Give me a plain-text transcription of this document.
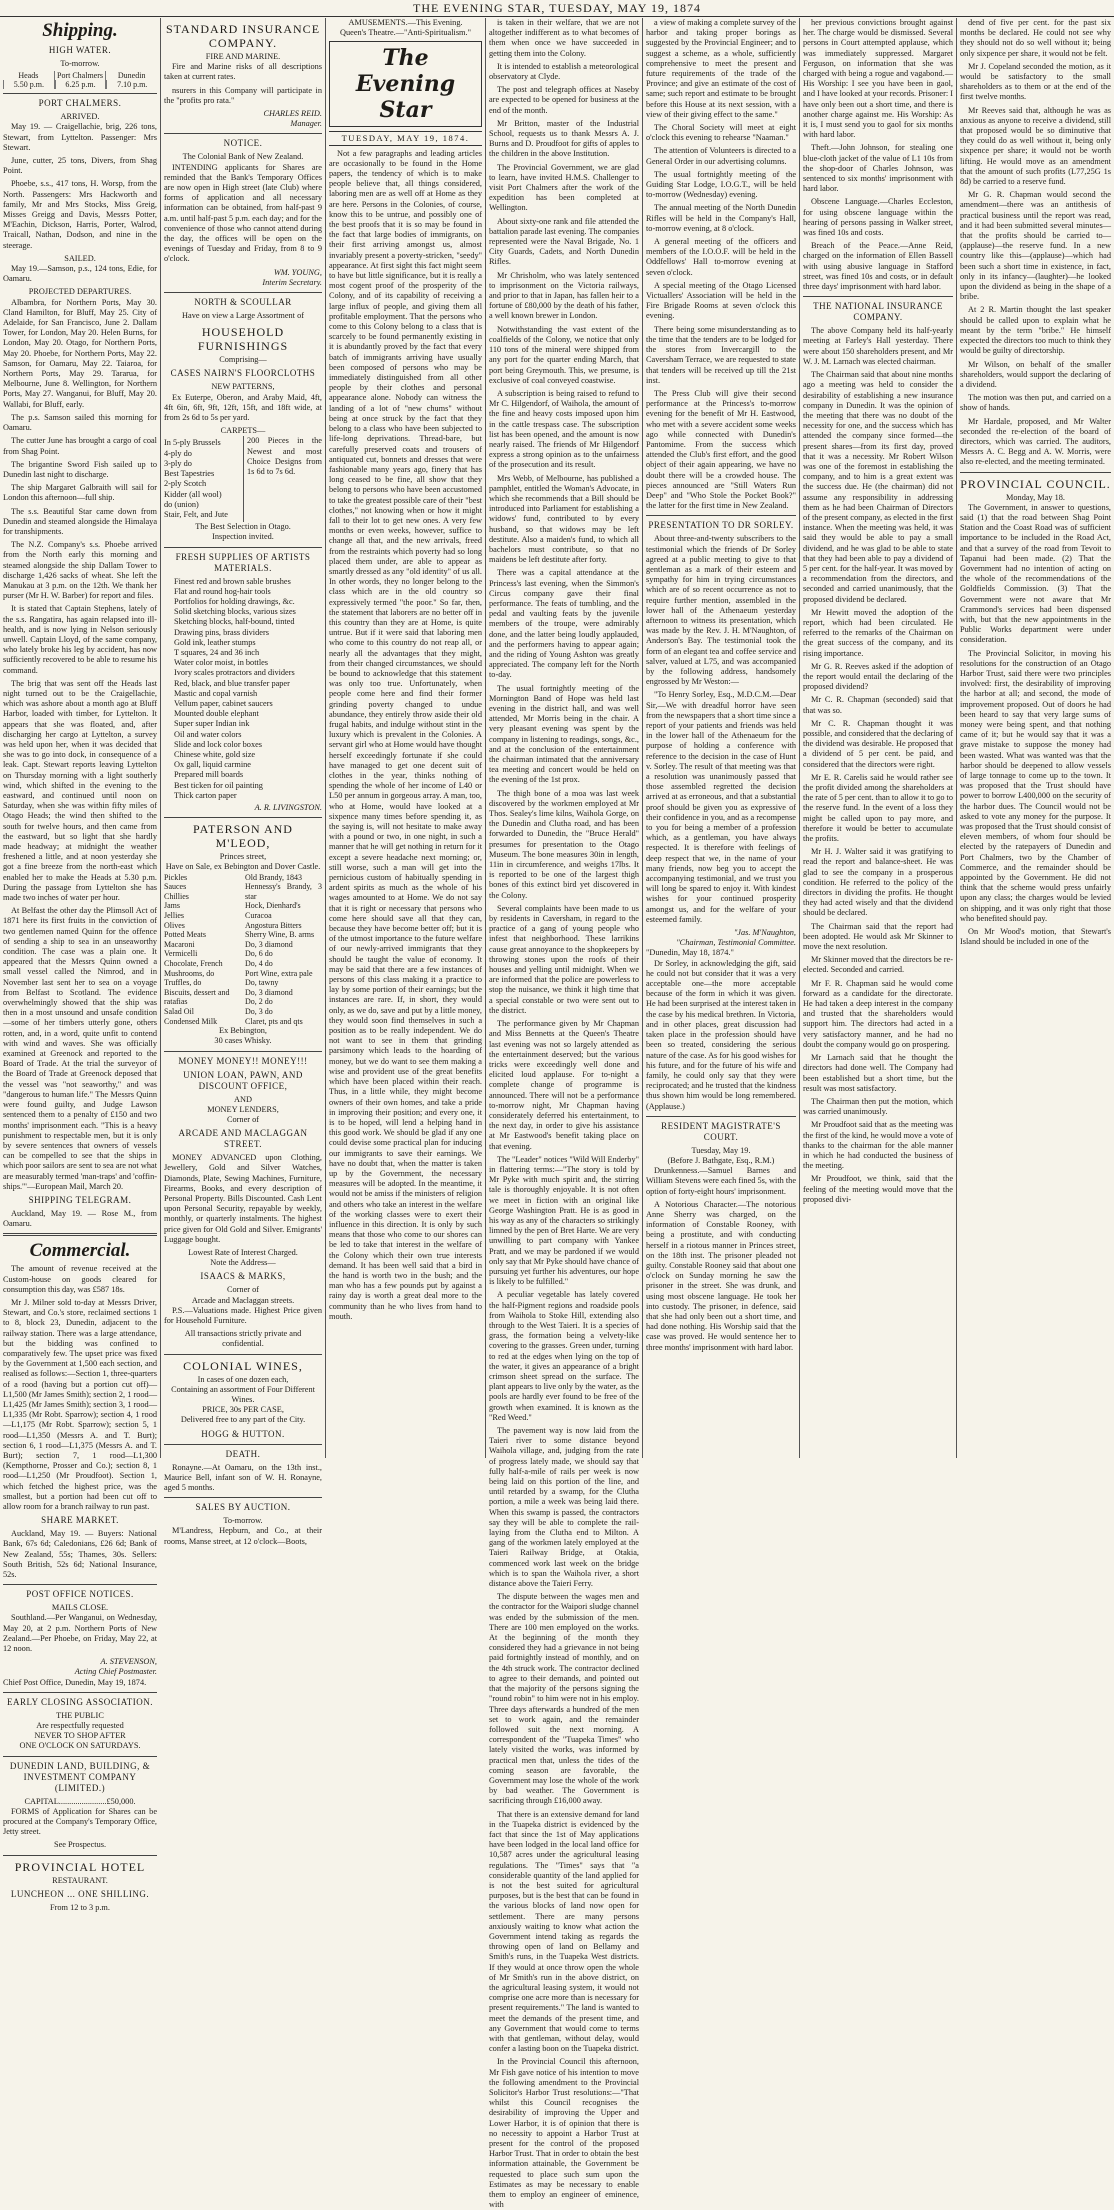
THE EVENING STAR, TUESDAY, MAY 19, 1874
Shipping.
HIGH WATER.
To-morrow.
Heads
5.50 p.m.
Port Chalmers
6.25 p.m.
Dunedin
7.10 p.m.
PORT CHALMERS.
ARRIVED.

May 19. — Craigellachie, brig, 226 tons, Stewart, from Lyttelton. Passenger: Mrs Stewart.

June, cutter, 25 tons, Divers, from Shag Point.

Phoebe, s.s., 417 tons, H. Worsp, from the North. Passengers: Mrs Hackworth and family, Mr and Mrs Stocks, Miss Greig, Misses Greigg and Davis, Messrs Potter, M'Eachin, Dickson, Harris, Porter, Walrod, Traicall, Nathan, Dodson, and nine in the steerage.

SAILED.

May 19.—Samson, p.s., 124 tons, Edie, for Oamaru.

PROJECTED DEPARTURES.

Albambra, for Northern Ports, May 30. Cland Hamilton, for Bluff, May 25. City of Adelaide, for San Francisco, June 2. Dallam Tower, for London, May 20. Helen Burns, for London, May 20. Otago, for Northern Ports, May 20. Phoebe, for Northern Ports, May 22. Samson, for Oamaru, May 22. Taiaroa, for Northern Ports, May 29. Tararua, for Melbourne, June 8. Wellington, for Northern Ports, May 27. Wanganui, for Bluff, May 20. Wallabi, for Bluff, early.

The p.s. Samson sailed this morning for Oamaru.

The cutter June has brought a cargo of coal from Shag Point.

The brigantine Sword Fish sailed up to Dunedin last night to discharge.

The ship Margaret Galbraith will sail for London this afternoon—full ship.

The s.s. Beautiful Star came down from Dunedin and steamed alongside the Himalaya for transhipments.

The N.Z. Company's s.s. Phoebe arrived from the North early this morning and steamed alongside the ship Dallam Tower to discharge 1,426 sacks of wheat. She left the Manukau at 3 p.m. on the 12th. We thank her purser (Mr H. W. Barber) for report and files.

It is stated that Captain Stephens, lately of the s.s. Rangatira, has again relapsed into ill-health, and is now lying in Nelson seriously unwell. Captain Lloyd, of the same company, who lately broke his leg by accident, has now sufficiently recovered to be able to resume his command.

The brig that was sent off the Heads last night turned out to be the Craigellachie, which was ashore about a month ago at Bluff Harbor, loaded with timber, for Lyttelton. It appears that she was floated, and, after discharging her cargo at Lyttelton, a survey was held upon her, when it was decided that she was to go into dock, in consequence of a leak. Capt. Stewart reports leaving Lyttelton on Thursday morning with a light southerly wind, which shifted in the evening to the eastward, and continued until noon on Saturday, when she was within fifty miles of Otago Heads; the wind then shifted to the south for twelve hours, and then came from the eastward, but so light that she hardly made headway; at midnight the weather freshened a little, and at noon yesterday she got a fine breeze from the north-east which enabled her to make the Heads at 5.30 p.m. During the passage from Lyttelton she has made two inches of water per hour.

At Belfast the other day the Plimsoll Act of 1871 here its first fruits in the conviction of two gentlemen named Quinn for the offence of sending a ship to sea in an unseaworthy condition. The case was a plain one. It appeared that the Messrs Quinn owned a small vessel called the Nimrod, and in November last sent her to sea on a voyage from Belfast to Scotland. The evidence overwhelmingly showed that the ship was then in a most unsound and unsafe condition—some of her timbers utterly gone, others rotten, and, in a word, quite unfit to contend with wind and waves. She was officially examined at Greenock and reported to the Board of Trade. At the trial the surveyor of the Board of Trade at Greenock deposed that the vessel was "not seaworthy," and was "dangerous to human life." The Messrs Quinn were found guilty, and Judge Lawson sentenced them to a penalty of £150 and two months' imprisonment each. "This is a heavy punishment to respectable men, but it is only by severe sentences that owners of vessels can be compelled to see that the ships in which poor sailors are sent to sea are not what are measurably termed 'man-traps' and 'coffin-ships.'"—European Mail, March 20.

SHIPPING TELEGRAM.

Auckland, May 19. — Rose M., from Oamaru.

Commercial.

The amount of revenue received at the Custom-house on goods cleared for consumption this day, was £587 18s.

Mr J. Milner sold to-day at Messrs Driver, Stewart, and Co.'s store, reclaimed sections 1 to 8, block 23, Dunedin, adjacent to the railway station. There was a large attendance, but the bidding was confined to comparatively few. The upset price was fixed by the Government at 1,500 each section, and realised as follows:—Section 1, three-quarters of a rood (having but a portion cut off)—L1,500 (Mr James Smith); section 2, 1 rood—L1,425 (Mr James Smith); section 3, 1 rood—L1,335 (Mr Robt. Sparrow); section 4, 1 rood—L1,175 (Mr Robt. Sparrow); section 5, 1 rood—L1,350 (Messrs A. and T. Burt); section 6, 1 rood—L1,375 (Messrs A. and T. Burt); section 7, 1 rood—L1,300 (Kempthorne, Prosser and Co.); section 8, 1 rood—L1,250 (Mr Proudfoot). Section 1, which fetched the highest price, was the smallest, but a portion had been cut off to allow room for a branch railway to run past.

SHARE MARKET.

Auckland, May 19. — Buyers: National Bank, 67s 6d; Caledonians, £26 6d; Bank of New Zealand, 55s; Thames, 30s. Sellers: South British, 52s 6d; National Insurance, 52s.

POST OFFICE NOTICES.
MAILS CLOSE.

Southland.—Per Wanganui, on Wednesday, May 20, at 2 p.m. Northern Ports of New Zealand.—Per Phoebe, on Friday, May 22, at 12 noon.

A. STEVENSON,
Acting Chief Postmaster.
Chief Post Office, Dunedin, May 19, 1874.
EARLY CLOSING ASSOCIATION.
THE PUBLIC
Are respectfully requested
NEVER TO SHOP AFTER
ONE O'CLOCK ON SATURDAYS.
DUNEDIN LAND, BUILDING, & INVESTMENT COMPANY (LIMITED.)
CAPITAL.......................£50,000.

FORMS of Application for Shares can be procured at the Company's Temporary Office, Jetty street.

See Prospectus.
PROVINCIAL HOTEL
RESTAURANT.
LUNCHEON ... ONE SHILLING.
From 12 to 3 p.m.
STANDARD INSURANCE COMPANY.
FIRE AND MARINE.

Fire and Marine risks of all descriptions taken at current rates.

nsurers in this Company will participate in the "profits pro rata."

CHARLES REID.
Manager.
NOTICE.
The Colonial Bank of New Zealand.

INTENDING applicants for Shares are reminded that the Bank's Temporary Offices are now open in High street (late Club) where forms of application and all necessary information can be obtained, from half-past 9 a.m. until half-past 5 p.m. each day; and for the convenience of those who cannot attend during the day, the offices will be open on the evenings of Tuesday and Friday, from 8 to 9 o'clock.

WM. YOUNG,
Interim Secretary.
NORTH & SCOULLAR
Have on view a Large Assortment of
HOUSEHOLD FURNISHINGS
Comprising—
CASES NAIRN'S FLOORCLOTHS
NEW PATTERNS,

Ex Euterpe, Oberon, and Araby Maid, 4ft, 4ft 6in, 6ft, 9ft, 12ft, 15ft, and 18ft wide, at from 2s 6d to 5s per yard.

CARPETS—
In 5-ply Brussels
4-ply do
3-ply do
Best Tapestries
2-ply Scotch
Kidder (all wool)
do (union)
Stair, Felt, and Jute
200 Pieces in the Newest and most Choice Designs from 1s 6d to 7s 6d.
The Best Selection in Otago.
Inspection invited.
FRESH SUPPLIES OF ARTISTS MATERIALS.
Finest red and brown sable brushes
Flat and round hog-hair tools
Portfolios for holding drawings, &c.
Solid sketching blocks, various sizes
Sketching blocks, half-bound, tinted
Drawing pins, brass dividers
Gold ink, leather stumps
T squares, 24 and 36 inch
Water color moist, in bottles
Ivory scales protractors and dividers
Red, black, and blue transfer paper
Mastic and copal varnish
Vellum paper, cabinet saucers
Mounted double elephant
Super super Indian ink
Oil and water colors
Slide and lock color boxes
Chinese white, gold size
Ox gall, liquid carmine
Prepared mill boards
Best ticken for oil painting
Thick carton paper
A. R. LIVINGSTON.
PATERSON AND M'LEOD,
Princes street,
Have on Sale, ex Bebington and Dover Castle.
Pickles
Sauces
Chillies
Jams
Jellies
Olives
Potted Meats
Macaroni
Vermicelli
Chocolate, French
Mushrooms, do
Truffles, do
Biscuits, dessert and
ratafias
Salad Oil
Condensed Milk
Old Brandy, 1843
Hennessy's Brandy, 3 star
Hock, Dienhard's
Curacoa
Angostura Bitters
Sherry Wine, B. arms
Do, 3 diamond
Do, 6 do
Do, 4 do
Port Wine, extra pale
Do, tawny
Do, 3 diamond
Do, 2 do
Do, 3 do
Claret, pts and qts
Ex Bebington,
30 cases Whisky.
MONEY MONEY!! MONEY!!!
UNION LOAN, PAWN, AND DISCOUNT OFFICE,
AND
MONEY LENDERS,
Corner of
ARCADE AND MACLAGGAN STREET.

MONEY ADVANCED upon Clothing, Jewellery, Gold and Silver Watches, Diamonds, Plate, Sewing Machines, Furniture, Firearms, Books, and every description of Personal Property. Bills Discounted. Cash Lent upon Personal Security, repayable by weekly, monthly, or quarterly instalments. The highest price given for Old Gold and Silver. Emigrants' Luggage bought.

Lowest Rate of Interest Charged.
Note the Address—
ISAACS & MARKS,
Corner of
Arcade and Maclaggan streets.

P.S.—Valuations made. Highest Price given for Household Furniture.

All transactions strictly private and confidential.
COLONIAL WINES,
In cases of one dozen each,
Containing an assortment of Four Different Wines.
PRICE, 30s PER CASE,
Delivered free to any part of the City.
HOGG & HUTTON.
DEATH.

Ronayne.—At Oamaru, on the 13th inst., Maurice Bell, infant son of W. H. Ronayne, aged 5 months.

SALES BY AUCTION.
To-morrow.

M'Landress, Hepburn, and Co., at their rooms, Manse street, at 12 o'clock—Boots,

AMUSEMENTS.—This Evening.
Queen's Theatre.—"Anti-Spiritualism."
The Evening Star
TUESDAY, MAY 19, 1874.

Not a few paragraphs and leading articles are occasionally to be found in the Home papers, the tendency of which is to make people believe that, all things considered, laboring men are as well off at Home as they are here. Persons in the Colonies, of course, know this to be untrue, and possibly one of the best proofs that it is so may be found in the fact that large bodies of immigrants, on their first arriving amongst us, almost invariably present a poverty-stricken, "seedy" appearance. At first sight this fact might seem to have but little significance, but it is really a most cogent proof of the prosperity of the Colony, and of its capability of receiving a large influx of people, and giving them all profitable employment. That the persons who come to this Colony belong to a class that is scarcely to be found permanently existing in it is abundantly proved by the fact that every batch of immigrants arriving have usually been composed of persons who may be immediately distinguished from all other people by their clothes and personal appearance alone. Nobody can witness the landing of a lot of "new chums" without being at once struck by the fact that they belong to a class who have been subjected to life-long deprivations. Thread-bare, but carefully preserved coats and trousers of antiquated cut, bonnets and dresses that were fashionable many years ago, finery that has long ceased to be fine, all show that they belong to persons who have been accustomed to take the greatest possible care of their "best clothes," not knowing when or how it might fall to their lot to get new ones. A very few months or even weeks, however, suffice to change all that, and the new arrivals, freed from the restraints which poverty had so long placed them under, are able to appear as smartly dressed as any "old identity" of us all. In other words, they no longer belong to the class which are in the old country so expressively termed "the poor." So far, then, the statement that laborers are no better off in this country than they are at Home, is quite untrue. But if it were said that laboring men who come to this country do not reap all, or nearly all the advantages that they might, from their changed circumstances, we should be bound to acknowledge that this statement was only too true. Unfortunately, when people come here and find their former grinding poverty changed to undue abundance, they entirely throw aside their old frugal habits, and indulge without stint in the luxury which is prevalent in the Colonies. A servant girl who at Home would have thought herself exceedingly fortunate if she could have managed to get one decent suit of clothes in the year, thinks nothing of spending the whole of her income of L40 or L50 per annum in gorgeous array. A man, too, who at Home, would have looked at a sixpence many times before spending it, as the saying is, will not hesitate to make away with a pound or two, in one night, in such a manner that he will get nothing in return for it except a severe headache next morning; or, still worse, such a man will get into the pernicious custom of habitually spending in ardent spirits as much as the whole of his wages amounted to at Home. We do not say that it is right or necessary that persons who come here should save all that they can, because they have become better off; but it is of the utmost importance to the future welfare of our newly-arrived immigrants that they should be taught the value of economy. It may be said that there are a few instances of persons of this class making it a practice to lay by some portion of their earnings; but the instances are rare. If, in short, they would only, as we do, save and put by a little money, they would soon find themselves in such a position as to be really independent. We do not want to see in them that grinding parsimony which leads to the hoarding of money, but we do want to see them making a wise and provident use of the great benefits which have been placed within their reach. Thus, in a little while, they might become owners of their own homes, and take a pride in improving their position; and every one, it is to be hoped, will lend a helping hand in this good work. We should be glad if any one could devise some practical plan for inducing our immigrants to save their earnings. We have no doubt that, when the matter is taken up by the Government, the necessary measures will be adopted. In the meantime, it would not be amiss if the ministers of religion and others who take an interest in the welfare of the working classes were to exert their influence in this direction. It is only by such means that those who come to our shores can be led to take that interest in the welfare of the Colony which their own true interests demand. It has been well said that a bird in the hand is worth two in the bush; and the man who has a few pounds put by against a rainy day is worth a great deal more to the community than he who lives from hand to mouth.

is taken in their welfare, that we are not altogether indifferent as to what becomes of them when once we have succeeded in getting them into the Colony.

It is intended to establish a meteorological observatory at Clyde.

The post and telegraph offices at Naseby are expected to be opened for business at the end of the month.

Mr Britton, master of the Industrial School, requests us to thank Messrs A. J. Burns and D. Proudfoot for gifts of apples to the children in the above Institution.

The Provincial Government, we are glad to learn, have invited H.M.S. Challenger to visit Port Chalmers after the work of the expedition has been completed at Wellington.

About sixty-one rank and file attended the battalion parade last evening. The companies represented were the Naval Brigade, No. 1 City Guards, Cadets, and North Dunedin Rifles.

Mr Chrisholm, who was lately sentenced to imprisonment on the Victoria railways, and prior to that in Japan, has fallen heir to a fortune of £80,000 by the death of his father, a well known brewer in London.

Notwithstanding the vast extent of the coalfields of the Colony, we notice that only 110 tons of the mineral were shipped from any port for the quarter ending March, that port being Greymouth. This, we presume, is exclusive of coal conveyed coastwise.

A subscription is being raised to refund to Mr C. Hilgendorf, of Waihola, the amount of the fine and heavy costs imposed upon him in the cattle trespass case. The subscription list has been opened, and the amount is now nearly raised. The friends of Mr Hilgendorf express a strong opinion as to the unfairness of the prosecution and its result.

Mrs Webb, of Melbourne, has published a pamphlet, entitled the Woman's Advocate, in which she recommends that a Bill should be introduced into Parliament for establishing a widows' fund, contributed to by every husband, so that widows may be left destitute. Also a maiden's fund, to which all bachelors must contribute, so that no maidens be left destitute after forty.

There was a capital attendance at the Princess's last evening, when the Simmon's Circus company gave their final performance. The feats of tumbling, and the pedal and vaulting feats by the juvenile members of the troupe, were admirably done, and the latter being loudly applauded, and the performers having to appear again; and the riding of Young Ashton was greatly appreciated. The company left for the North to-day.

The usual fortnightly meeting of the Mornington Band of Hope was held last evening in the district hall, and was well attended, Mr Morris being in the chair. A very pleasant evening was spent by the company in listening to readings, songs, &c., and at the conclusion of the entertainment the chairman intimated that the anniversary tea meeting and concert would be held on the evening of the 1st prox.

The thigh bone of a moa was last week discovered by the workmen employed at Mr Thos. Sealey's lime kilns, Waihola Gorge, on the Dunedin and Clutha road, and has been forwarded to Dunedin, the "Bruce Herald" presumes for presentation to the Otago Museum. The bone measures 30in in length, 11in in circumference, and weighs 17lbs. It is reported to be one of the largest thigh bones of this extinct bird yet discovered in the Colony.

Several complaints have been made to us by residents in Caversham, in regard to the practice of a gang of young people who infest that neighborhood. These larrikins cause great annoyance to the shopkeepers by throwing stones upon the roofs of their houses and yelling until midnight. When we are informed that the police are powerless to stop the nuisance, we think it high time that a special constable or two were sent out to the district.

The performance given by Mr Chapman and Miss Bennetts at the Queen's Theatre last evening was not so largely attended as the entertainment deserved; but the various tricks were exceedingly well done and elicited loud applause. For to-night a complete change of programme is announced. There will not be a performance to-morrow night, Mr Chapman having considerately deferred his entertainment, to the next day, in order to give his assistance at Mr Eastwood's benefit taking place on that evening.

The "Leader" notices "Wild Will Enderby" in flattering terms:—"The story is told by Mr Pyke with much spirit and, the stirring tale is thoroughly enjoyable. It is not often we meet in fiction with an original like George Washington Pratt. He is as good in his way as any of the characters so strikingly limned by the pen of Bret Harte. We are very unwilling to part company with Yankee Pratt, and we may be pardoned if we would only say that Mr Pyke should have chance of pursuing yet further his adventures, our hope is likely to be fulfilled."

A peculiar vegetable has lately covered the half-Pigment regions and roadside pools from Waihola to Stoke Hill, extending also through to the West Taieri. It is a species of grass, the formation being a velvety-like covering to the grasses. Green under, turning to red at the edges when lying on the top of the water, it gives an appearance of a bright crimson sheet spread on the surface. The plant appears to live only by the water, as the pools are hardly ever found to be free of the growth when examined. It is known as the "Red Weed."

The pavement way is now laid from the Taieri river to some distance beyond Waihola village, and, judging from the rate of progress lately made, we should say that fully half-a-mile of rails per week is now being laid on this portion of the line, and until retarded by a swamp, for the Clutha portion, a mile a week was being laid there. When this swamp is passed, the contractors say they will be able to complete the rail-laying from the Clutha end to Milton. A gang of the workmen lately employed at the Taieri Railway Bridge, at Otakia, commenced work last week on the bridge which is to span the Waihola river, a short distance above the Taieri Ferry.

The dispute between the wages men and the contractor for the Waipori sludge channel was ended by the submission of the men. There are 100 men employed on the works. At the beginning of the month they considered they had a grievance in not being paid fortnightly instead of monthly, and on the 4th struck work. The contractor declined to agree to their demands, and pointed out that the majority of the persons signing the "round robin" to him were not in his employ. Three days afterwards a hundred of the men set to work again, and the remainder followed suit the next morning. A correspondent of the "Tuapeka Times" who lately visited the works, was informed by practical men that, unless the tides of the coming season are favorable, the Government may lose the whole of the work by bad weather. The Government is sacrificing through £16,000 away.

That there is an extensive demand for land in the Tuapeka district is evidenced by the fact that since the 1st of May applications have been lodged in the local land office for 10,587 acres under the agricultural leasing regulations. The "Times" says that "a considerable quantity of the land applied for is not the best suited for agricultural purposes, but is the best that can be found in the various blocks of land now open for settlement. There are many persons anxiously waiting to know what action the Government intend taking as regards the throwing open of land on Bellamy and Smith's runs, in the Tuapeka West districts. If they would at once throw open the whole of Mr Smith's run in the above district, on the agricultural leasing system, it would not comprise one acre more than is necessary for present requirements." The land is wanted to meet the demands of the present time, and any Government that would come to terms with that gentleman, without delay, would confer a lasting boon on the Tuapeka district.

In the Provincial Council this afternoon, Mr Fish gave notice of his intention to move the following amendment to the Provincial Solicitor's Harbor Trust resolutions:—"That whilst this Council recognises the desirability of improving the Upper and Lower Harbor, it is of opinion that there is no necessity to appoint a Harbor Trust at present for the control of the proposed Harbor Trust. That in order to obtain the best information attainable, the Government be requested to place such sum upon the Estimates as may be necessary to enable them to employ an engineer of eminence, with

a view of making a complete survey of the harbor and taking proper borings as suggested by the Provincial Engineer; and to suggest a scheme, as a whole, sufficiently comprehensive to meet the present and future requirements of the trade of the Province; and give an estimate of the cost of same; such report and estimate to be brought before this House at its next session, with a view of their giving effect to the same."

The Choral Society will meet at eight o'clock this evening to rehearse "Naaman."

The attention of Volunteers is directed to a General Order in our advertising columns.

The usual fortnightly meeting of the Guiding Star Lodge, I.O.G.T., will be held to-morrow (Wednesday) evening.

The annual meeting of the North Dunedin Rifles will be held in the Company's Hall, to-morrow evening, at 8 o'clock.

A general meeting of the officers and members of the I.O.O.F. will be held in the Oddfellows' Hall to-morrow evening at seven o'clock.

A special meeting of the Otago Licensed Victuallers' Association will be held in the Fire Brigade Rooms at seven o'clock this evening.

There being some misunderstanding as to the time that the tenders are to be lodged for the stores from Invercargill to the Caversham Terrace, we are requested to state that tenders will be received up till the 21st inst.

The Press Club will give their second performance at the Princess's to-morrow evening for the benefit of Mr H. Eastwood, who met with a severe accident some weeks ago while connected with Dunedin's Pantomime. From the success which attended the Club's first effort, and the good object of their again appearing, we have no doubt there will be a crowded house. The pieces announced are "Still Waters Run Deep" and "Who Stole the Pocket Book?" the latter for the first time in New Zealand.

PRESENTATION TO DR SORLEY.

About three-and-twenty subscribers to the testimonial which the friends of Dr Sorley agreed at a public meeting to give to that gentleman as a mark of their esteem and sympathy for him in trying circumstances which are of so recent occurrence as not to require further mention, assembled in the lower hall of the Athenaeum yesterday afternoon to witness its presentation, which was made by the Rev. J. H. M'Naughton, of Anderson's Bay. The testimonial took the form of an elegant tea and coffee service and salver, valued at L75, and was accompanied by the following address, handsomely engrossed by Mr Weston:—

"To Henry Sorley, Esq., M.D.C.M.—Dear Sir,—We with dreadful horror have seen from the newspapers that a short time since a report of your patients and friends was held in the lower hall of the Athenaeum for the purpose of holding a conference with reference to the decision in the case of Hunt v. Sorley. The result of that meeting was that a resolution was unanimously passed that those assembled regretted the decision arrived at as erroneous, and that a substantial proof should be given you as expressive of their confidence in you, and as a recompense to you for being a member of a profession which, as a gentleman, you have always respected. It is therefore with feelings of deep respect that we, in the name of your many friends, now beg you to accept the accompanying testimonial, and we trust you will long be spared to enjoy it. With kindest wishes for your continued prosperity amongst us, and for the welfare of your esteemed family.

"Jas. M'Naughton,
"Chairman, Testimonial Committee.
"Dunedin, May 18, 1874."

Dr Sorley, in acknowledging the gift, said he could not but consider that it was a very acceptable one—the more acceptable because of the form in which it was given. He had been surprised at the interest taken in the case by his medical brethren. In Victoria, and in other places, great discussion had taken place in the profession should have been so treated, considering the serious nature of the case. As for his good wishes for his future, and for the future of his wife and family, he could only say that they were reciprocated; and he trusted that the kindness thus shown him would be long remembered. (Applause.)

RESIDENT MAGISTRATE'S COURT.
Tuesday, May 19.
(Before J. Bathgate, Esq., R.M.)

Drunkenness.—Samuel Barnes and William Stevens were each fined 5s, with the option of forty-eight hours' imprisonment.

A Notorious Character.—The notorious Anne Sherry was charged, on the information of Constable Rooney, with being a prostitute, and with conducting herself in a riotous manner in Princes street, on the 18th inst. The prisoner pleaded not guilty. Constable Rooney said that about one o'clock on Sunday morning he saw the prisoner in the street. She was drunk, and using most obscene language. He took her into custody. The prisoner, in defence, said that she had only been out a short time, and had done nothing. His Worship said that the case was proved. He would sentence her to three months' imprisonment with hard labor.

her previous convictions brought against her. The charge would be dismissed. Several persons in Court attempted applause, which was immediately suppressed. Margaret Ferguson, on information that she was charged with being a rogue and vagabond.—His Worship: I see you have been in gaol, and I have looked at your records. Prisoner: I have only been out a short time, and there is another charge against me. His Worship: As it is, I must send you to gaol for six months with hard labor.

Theft.—John Johnson, for stealing one blue-cloth jacket of the value of L1 10s from the shop-door of Charles Johnson, was sentenced to six months' imprisonment with hard labor.

Obscene Language.—Charles Eccleston, for using obscene language within the hearing of persons passing in Walker street, was fined 10s and costs.

Breach of the Peace.—Anne Reid, charged on the information of Ellen Bassell with using abusive language in Stafford street, was fined 10s and costs, or in default three days' imprisonment with hard labor.

THE NATIONAL INSURANCE COMPANY.

The above Company held its half-yearly meeting at Farley's Hall yesterday. There were about 150 shareholders present, and Mr W. J. M. Larnach was elected chairman.

The Chairman said that about nine months ago a meeting was held to consider the desirability of establishing a new insurance company in Dunedin. It was the opinion of the meeting that there was no doubt of the necessity for one, and the success which has attended the company since formed—the present shares—from its first day, proved that it was a necessity. Mr Robert Wilson was one of the foremost in establishing the company, and to him is a great extent was the success due. He (the chairman) did not assume any responsibility in addressing them as he had been Chairman of Directors of the present company, as elected in the first instance. When the meeting was held, it was said they would be able to pay a small dividend, and he was glad to be able to state that they had been able to pay a dividend of 5 per cent. for the half-year. It was moved by a recommendation from the directors, and seconded and carried unanimously, that the proposed dividend be declared.

Mr Hewitt moved the adoption of the report, which had been circulated. He referred to the remarks of the Chairman on the great success of the company, and its rising importance.

Mr G. R. Reeves asked if the adoption of the report would entail the declaring of the proposed dividend?

Mr C. R. Chapman (seconded) said that that was so.

Mr C. R. Chapman thought it was possible, and considered that the declaring of the dividend was desirable. He proposed that a dividend of 5 per cent. be paid, and considered that the directors were right.

Mr E. R. Carelis said he would rather see the profit divided among the shareholders at the rate of 5 per cent. than to allow it to go to the reserve fund. In the event of a loss they might be called upon to pay more, and therefore it would be better to accumulate the profits.

Mr H. J. Walter said it was gratifying to read the report and balance-sheet. He was glad to see the company in a prosperous condition. He referred to the policy of the directors in dividing the profits. He thought they had acted wisely and that the dividend should be declared.

The Chairman said that the report had been adopted. He would ask Mr Skinner to move the next resolution.

Mr Skinner moved that the directors be re-elected. Seconded and carried.

Mr F. R. Chapman said he would come forward as a candidate for the directorate. He had taken a deep interest in the company and trusted that the shareholders would support him. The directors had acted in a very satisfactory manner, and he had no doubt the company would go on prospering.

Mr Larnach said that he thought the directors had done well. The Company had been established but a short time, but the result was most satisfactory.

The Chairman then put the motion, which was carried unanimously.

Mr Proudfoot said that as the meeting was the first of the kind, he would move a vote of thanks to the chairman for the able manner in which he had conducted the business of the meeting.

Mr Proudfoot, we think, said that the feeling of the meeting would move that the proposed divi-

dend of five per cent. for the past six months be declared. He could not see why they should not do so well without it; being only sixpence per share, it would not be felt.

Mr J. Copeland seconded the motion, as it would be satisfactory to the small shareholders as to them or at the end of the first twelve months.

Mr Reeves said that, although he was as anxious as anyone to receive a dividend, still that proposed would be so diminutive that they could do as well without it, being only sixpence per share; it would not be worth lifting. He would move as an amendment that the amount of such profits (L77,25G 1s 8d) be carried to a reserve fund.

Mr G. R. Chapman would second the amendment—there was an antithesis of practical business until the report was read, and it had been submitted several minutes—that the profits should be carried to—(applause)—the reserve fund. In a new country like this—(applause)—which had been such a short time in existence, in fact, only in its infancy—(laughter)—he looked upon the dividend as being in the shape of a bribe.

At 2 R. Martin thought the last speaker should be called upon to explain what he meant by the term "bribe." He himself expected the directors too much to think they would be guilty of directorship.

Mr Wilson, on behalf of the smaller shareholders, would support the declaring of a dividend.

The motion was then put, and carried on a show of hands.

Mr Hardale, proposed, and Mr Walter seconded the re-election of the board of directors, which was carried. The auditors, Messrs A. C. Begg and A. W. Morris, were also re-elected, and the meeting terminated.

PROVINCIAL COUNCIL.
Monday, May 18.

The Government, in answer to questions, said (1) that the road between Shag Point Station and the Coast Road was of sufficient importance to be included in the Road Act, and that a survey of the road from Tevoit to Tapanui had been made. (2) That the Government had no intention of acting on the whole of the recommendations of the Goldfields Commission. (3) That the Government were not aware that Mr Crammond's services had been dispensed with, but that the new appointments in the Public Works department were under consideration.

The Provincial Solicitor, in moving his resolutions for the construction of an Otago Harbor Trust, said there were two principles involved: first, the desirability of improving the harbor at all; and second, the mode of improvement proposed. Out of doors he had been heard to say that very large sums of money were being spent, and that nothing came of it; but he would say that it was a grave mistake to suppose the money had been wasted. What was wanted was that the harbor should be deepened to allow vessels of large tonnage to come up to the town. It was proposed that the Trust should have power to borrow L400,000 on the security of the harbor dues. The Council would not be asked to vote any money for the purpose. It was proposed that the Trust should consist of eleven members, of whom four should be elected by the ratepayers of Dunedin and Port Chalmers, two by the Chamber of Commerce, and the remainder should be appointed by the Government. He did not think that the scheme would press unfairly upon any class; the charges would be levied on shipping, and it was only right that those who benefited should pay.

On Mr Wood's motion, that Stewart's Island should be included in one of the
